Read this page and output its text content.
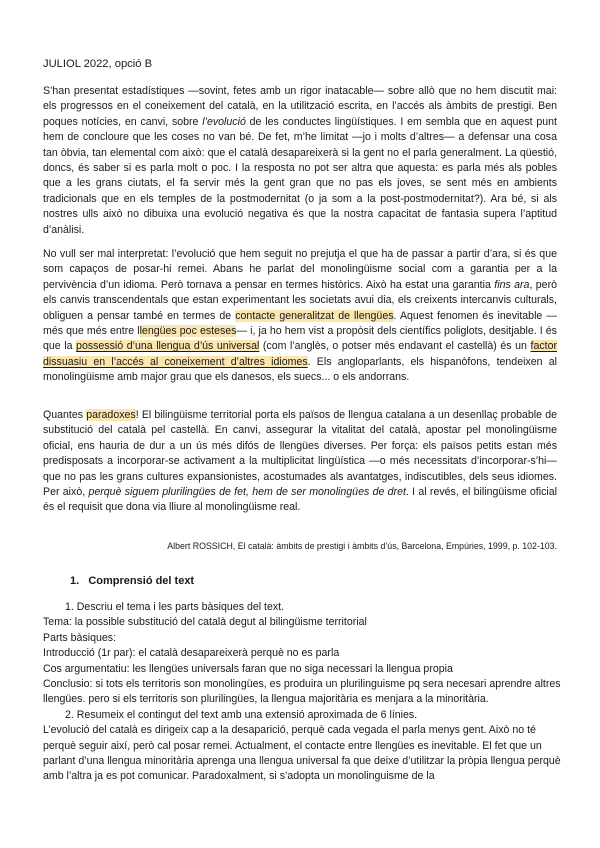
JULIOL 2022, opció B

S’han presentat estadístiques —sovint, fetes amb un rigor inatacable— sobre allò que no hem discutit mai: els progressos en el coneixement del català, en la utilització escrita, en l’accés als àmbits de prestigi. Ben poques notícies, en canvi, sobre l’evolució de les conductes lingüístiques. I em sembla que en aquest punt hem de concloure que les coses no van bé. De fet, m’he limitat —jo i molts d’altres— a defensar una cosa tan òbvia, tan elemental com això: que el català desapareixerà si la gent no el parla generalment. La qüestió, doncs, és saber si es parla molt o poc. I la resposta no pot ser altra que aquesta: es parla més als pobles que a les grans ciutats, el fa servir més la gent gran que no pas els joves, se sent més en ambients tradicionals que en els temples de la postmodernitat (o ja som a la post-postmodernitat?). Ara bé, si als nostres ulls això no dibuixa una evolució negativa és que la nostra capacitat de fantasia supera l’aptitud d’anàlisi.

No vull ser mal interpretat: l’evolució que hem seguit no prejutja el que ha de passar a partir d’ara, si és que som capaços de posar-hi remei. Abans he parlat del monolingüisme social com a garantia per a la pervivència d’un idioma. Però tornava a pensar en termes històrics. Això ha estat una garantia fins ara, però els canvis transcendentals que estan experimentant les societats avui dia, els creixents intercanvis culturals, obliguen a pensar també en termes de contacte generalitzat de llengües. Aquest fenomen és inevitable —més que més entre llengües poc esteses— i, ja ho hem vist a propòsit dels científics poliglots, desitjable. I és que la possessió d’una llengua d’ús universal (com l’anglès, o potser més endavant el castellà) és un factor dissuasiu en l’accés al coneixement d’altres idiomes. Els angloparlants, els hispanòfons, tendeixen al monolingüisme amb major grau que els danesos, els suecs... o els andorrans.

Quantes paradoxes! El bilingüisme territorial porta els països de llengua catalana a un desenllaç probable de substitució del català pel castellà. En canvi, assegurar la vitalitat del català, apostar pel monolingüisme oficial, ens hauria de dur a un ús més difós de llengües diverses. Per força: els països petits estan més predisposats a incorporar-se activament a la multiplicitat lingüística —o més necessitats d’incorporar-s’hi— que no pas les grans cultures expansionistes, acostumades als avantatges, indiscutibles, dels seus idiomes. Per això, perquè siguem plurilingües de fet, hem de ser monolingües de dret. I al revés, el bilingüisme oficial és el requisit que dona via lliure al monolingüisme real.

Albert ROSSICH, El català: àmbits de prestigi i àmbits d’ús, Barcelona, Empúries, 1999, p. 102-103.
1. Comprensió del text
1. Descriu el tema i les parts bàsiques del text.
Tema: la possible substitució del català degut al bilingüisme territorial
Parts bàsiques:
Introducció (1r par): el català desapareixerà perquè no es parla
Cos argumentatiu: les llengües universals faran que no siga necessari la llengua propia
Conclusio: si tots els territoris son monolingües, es produira un plurilinguisme pq sera necesari aprendre altres llengües. pero si els territoris son plurilingües, la llengua majoritària es menjara a la minoritària.
2. Resumeix el contingut del text amb una extensió aproximada de 6 línies.
L’evolució del català es dirigeix cap a la desaparició, perquè cada vegada el parla menys gent. Això no té perquè seguir així, però cal posar remei. Actualment, el contacte entre llengües es inevitable. El fet que un parlant d’una llengua minoritària aprenga una llengua universal fa que deixe d’utilitzar la pròpia llengua perquè amb l’altra ja es pot comunicar. Paradoxalment, si s’adopta un monolinguisme de la
